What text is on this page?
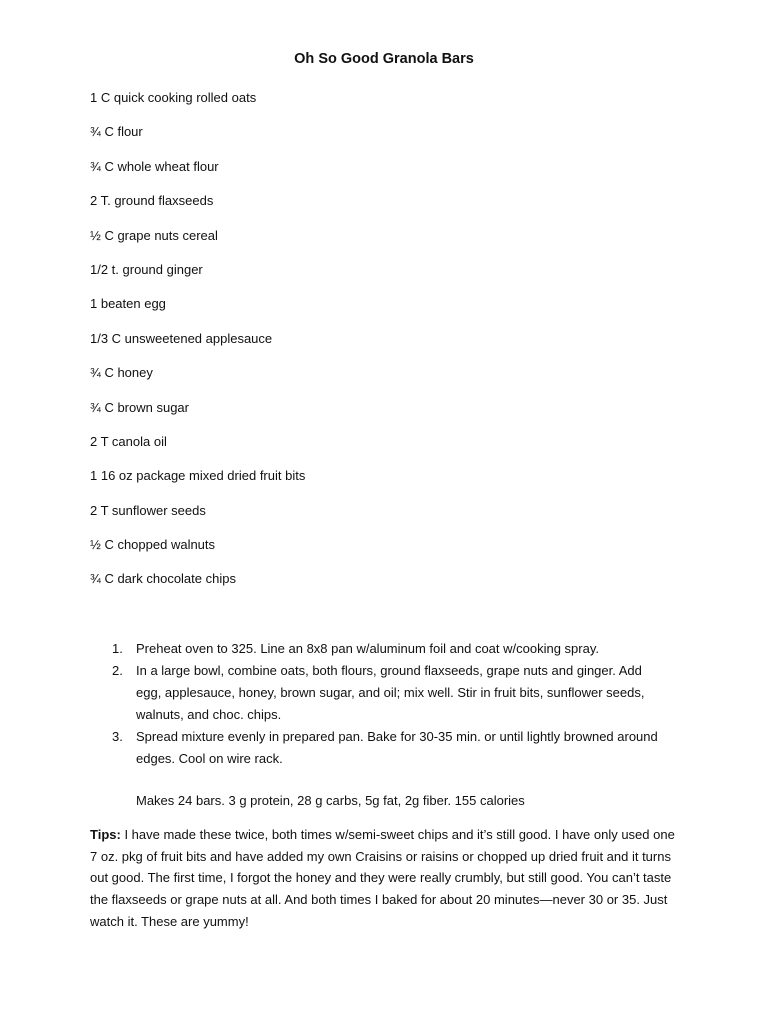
Oh So Good Granola Bars
1 C quick cooking rolled oats
¾ C flour
¾ C whole wheat flour
2 T. ground flaxseeds
½ C grape nuts cereal
1/2 t. ground ginger
1 beaten egg
1/3 C unsweetened applesauce
¾ C honey
¾ C brown sugar
2 T canola oil
1 16 oz package mixed dried fruit bits
2 T sunflower seeds
½ C chopped walnuts
¾ C dark chocolate chips
1. Preheat oven to 325. Line an 8x8 pan w/aluminum foil and coat w/cooking spray.
2. In a large bowl, combine oats, both flours, ground flaxseeds, grape nuts and ginger. Add egg, applesauce, honey, brown sugar, and oil; mix well. Stir in fruit bits, sunflower seeds, walnuts, and choc. chips.
3. Spread mixture evenly in prepared pan. Bake for 30-35 min. or until lightly browned around edges. Cool on wire rack.
Makes 24 bars. 3 g protein, 28 g carbs, 5g fat, 2g fiber. 155 calories
Tips: I have made these twice, both times w/semi-sweet chips and it’s still good. I have only used one 7 oz. pkg of fruit bits and have added my own Craisins or raisins or chopped up dried fruit and it turns out good. The first time, I forgot the honey and they were really crumbly, but still good. You can’t taste the flaxseeds or grape nuts at all. And both times I baked for about 20 minutes—never 30 or 35. Just watch it. These are yummy!
